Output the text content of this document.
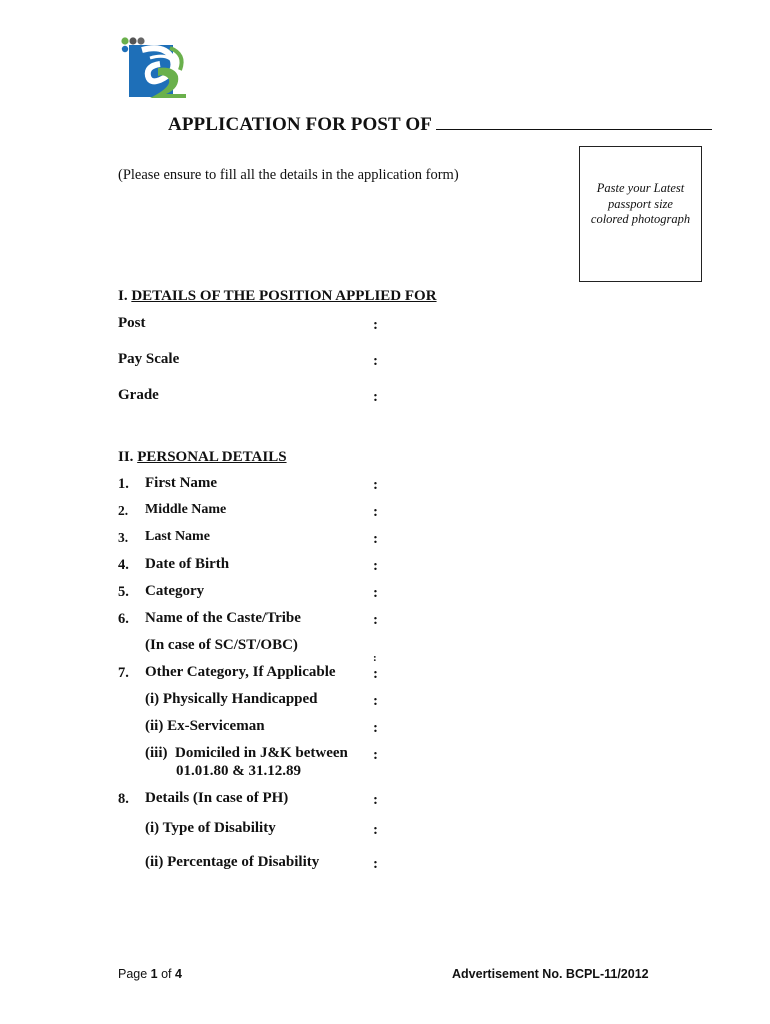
APPLICATION FOR POST OF
(Please ensure to fill all the details in the application form)
Paste your Latest
passport size
colored photograph
I. DETAILS OF THE POSITION APPLIED FOR
Post	:
Pay Scale	:
Grade	:
II. PERSONAL DETAILS
1. First Name	:
2. Middle Name	:
3. Last Name	:
4. Date of Birth	:
5. Category	:
6. Name of the Caste/Tribe	:
(In case of SC/ST/OBC)
:
7. Other Category, If Applicable :
(i) Physically Handicapped	:
(ii) Ex-Serviceman	:
(iii)  Domiciled in J&K between :
01.01.80 & 31.12.89
8. Details (In case of PH)	:
(i) Type of Disability	:
(ii) Percentage of Disability	:
Page 1 of 4	Advertisement No. BCPL-11/2012
